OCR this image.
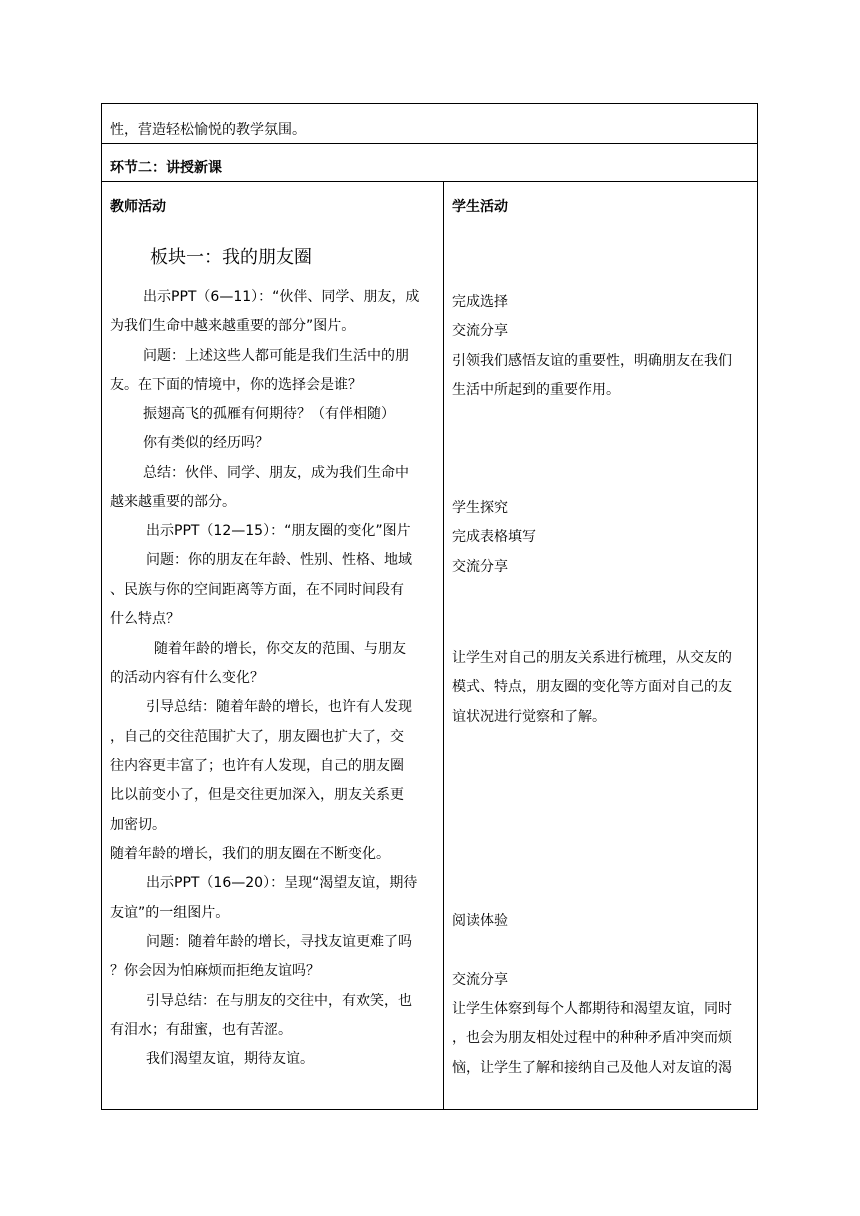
性，营造轻松愉悦的教学氛围。
环节二：讲授新课
教师活动	学生活动
板块一：我的朋友圈
出示PPT（6—11）：“伙伴、同学、朋友，成
为我们生命中越来越重要的部分”图片。
问题：上述这些人都可能是我们生活中的朋
友。在下面的情境中，你的选择会是谁？
振翅高飞的孤雁有何期待？（有伴相随）
你有类似的经历吗？
总结：伙伴、同学、朋友，成为我们生命中
越来越重要的部分。
出示PPT（12—15）：“朋友圈的变化”图片
问题：你的朋友在年龄、性别、性格、地域
、民族与你的空间距离等方面，在不同时间段有
什么特点？
随着年龄的增长，你交友的范围、与朋友
的活动内容有什么变化？
引导总结：随着年龄的增长，也许有人发现
，自己的交往范围扩大了，朋友圈也扩大了，交
往内容更丰富了；也许有人发现，自己的朋友圈
比以前变小了，但是交往更加深入，朋友关系更
加密切。
随着年龄的增长，我们的朋友圈在不断变化。
出示PPT（16—20）：呈现“渴望友谊，期待
友谊”的一组图片。
问题：随着年龄的增长，寻找友谊更难了吗
？你会因为怕麻烦而拒绝友谊吗？
引导总结：在与朋友的交往中，有欢笑，也
有泪水；有甜蜜，也有苦涩。
我们渴望友谊，期待友谊。
完成选择
交流分享
引领我们感悟友谊的重要性，明确朋友在我们
生活中所起到的重要作用。
学生探究
完成表格填写
交流分享
让学生对自己的朋友关系进行梳理，从交友的
模式、特点，朋友圈的变化等方面对自己的友
谊状况进行觉察和了解。
阅读体验
交流分享
让学生体察到每个人都期待和渴望友谊，同时
，也会为朋友相处过程中的种种矛盾冲突而烦
恼，让学生了解和接纳自己及他人对友谊的渴
